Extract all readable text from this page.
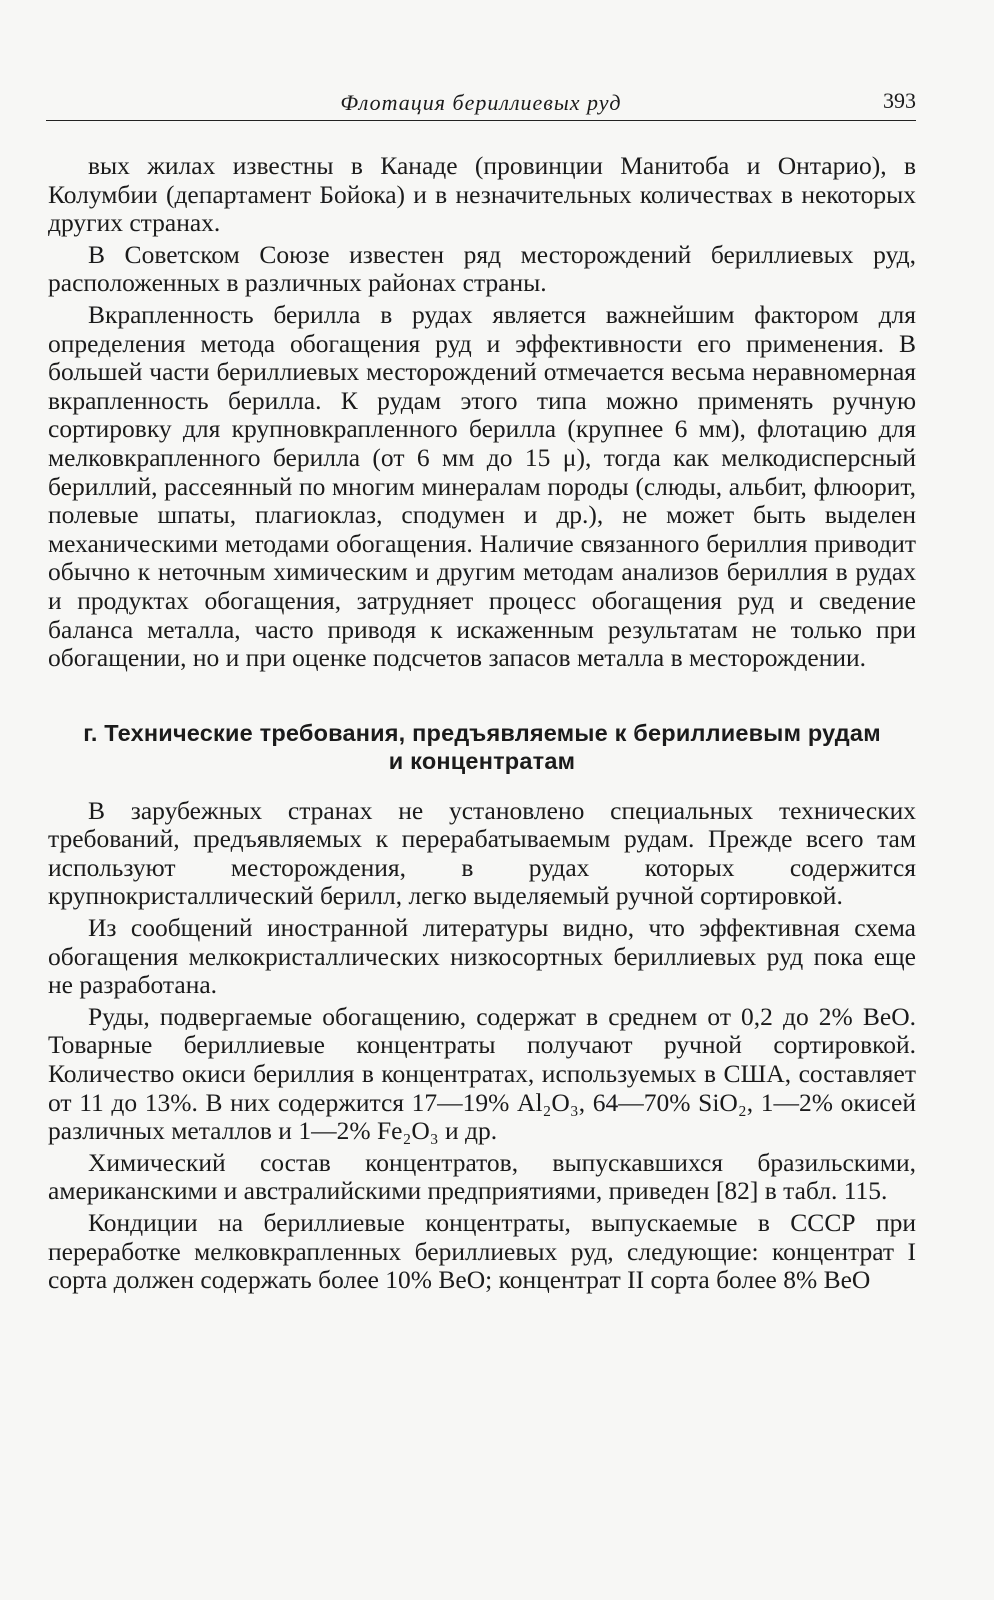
Флотация бериллиевых руд	393

вых жилах известны в Канаде (провинции Манитоба и Онтарио), в Колумбии (департамент Бойока) и в незначительных количествах в некоторых других странах.

В Советском Союзе известен ряд месторождений бериллиевых руд, расположенных в различных районах страны.

Вкрапленность берилла в рудах является важнейшим фактором для определения метода обогащения руд и эффективности его применения. В большей части бериллиевых месторождений отмечается весьма неравномерная вкрапленность берилла. К рудам этого типа можно применять ручную сортировку для крупновкрапленного берилла (крупнее 6 мм), флотацию для мелковкрапленного берилла (от 6 мм до 15 μ), тогда как мелкодисперсный бериллий, рассеянный по многим минералам породы (слюды, альбит, флюорит, полевые шпаты, плагиоклаз, сподумен и др.), не может быть выделен механическими методами обогащения. Наличие связанного бериллия приводит обычно к неточным химическим и другим методам анализов бериллия в рудах и продуктах обогащения, затрудняет процесс обогащения руд и сведение баланса металла, часто приводя к искаженным результатам не только при обогащении, но и при оценке подсчетов запасов металла в месторождении.

г. Технические требования, предъявляемые к бериллиевым рудам
и концентратам

В зарубежных странах не установлено специальных технических требований, предъявляемых к перерабатываемым рудам. Прежде всего там используют месторождения, в рудах которых содержится крупнокристаллический берилл, легко выделяемый ручной сортировкой.

Из сообщений иностранной литературы видно, что эффективная схема обогащения мелкокристаллических низкосортных бериллиевых руд пока еще не разработана.

Руды, подвергаемые обогащению, содержат в среднем от 0,2 до 2% BeO. Товарные бериллиевые концентраты получают ручной сортировкой. Количество окиси бериллия в концентратах, используемых в США, составляет от 11 до 13%. В них содержится 17—19% Al₂O₃, 64—70% SiO₂, 1—2% окисей различных металлов и 1—2% Fe₂O₃ и др.

Химический состав концентратов, выпускавшихся бразильскими, американскими и австралийскими предприятиями, приведен [82] в табл. 115.

Кондиции на бериллиевые концентраты, выпускаемые в СССР при переработке мелковкрапленных бериллиевых руд, следующие: концентрат I сорта должен содержать более 10% BeO; концентрат II сорта более 8% BeO
